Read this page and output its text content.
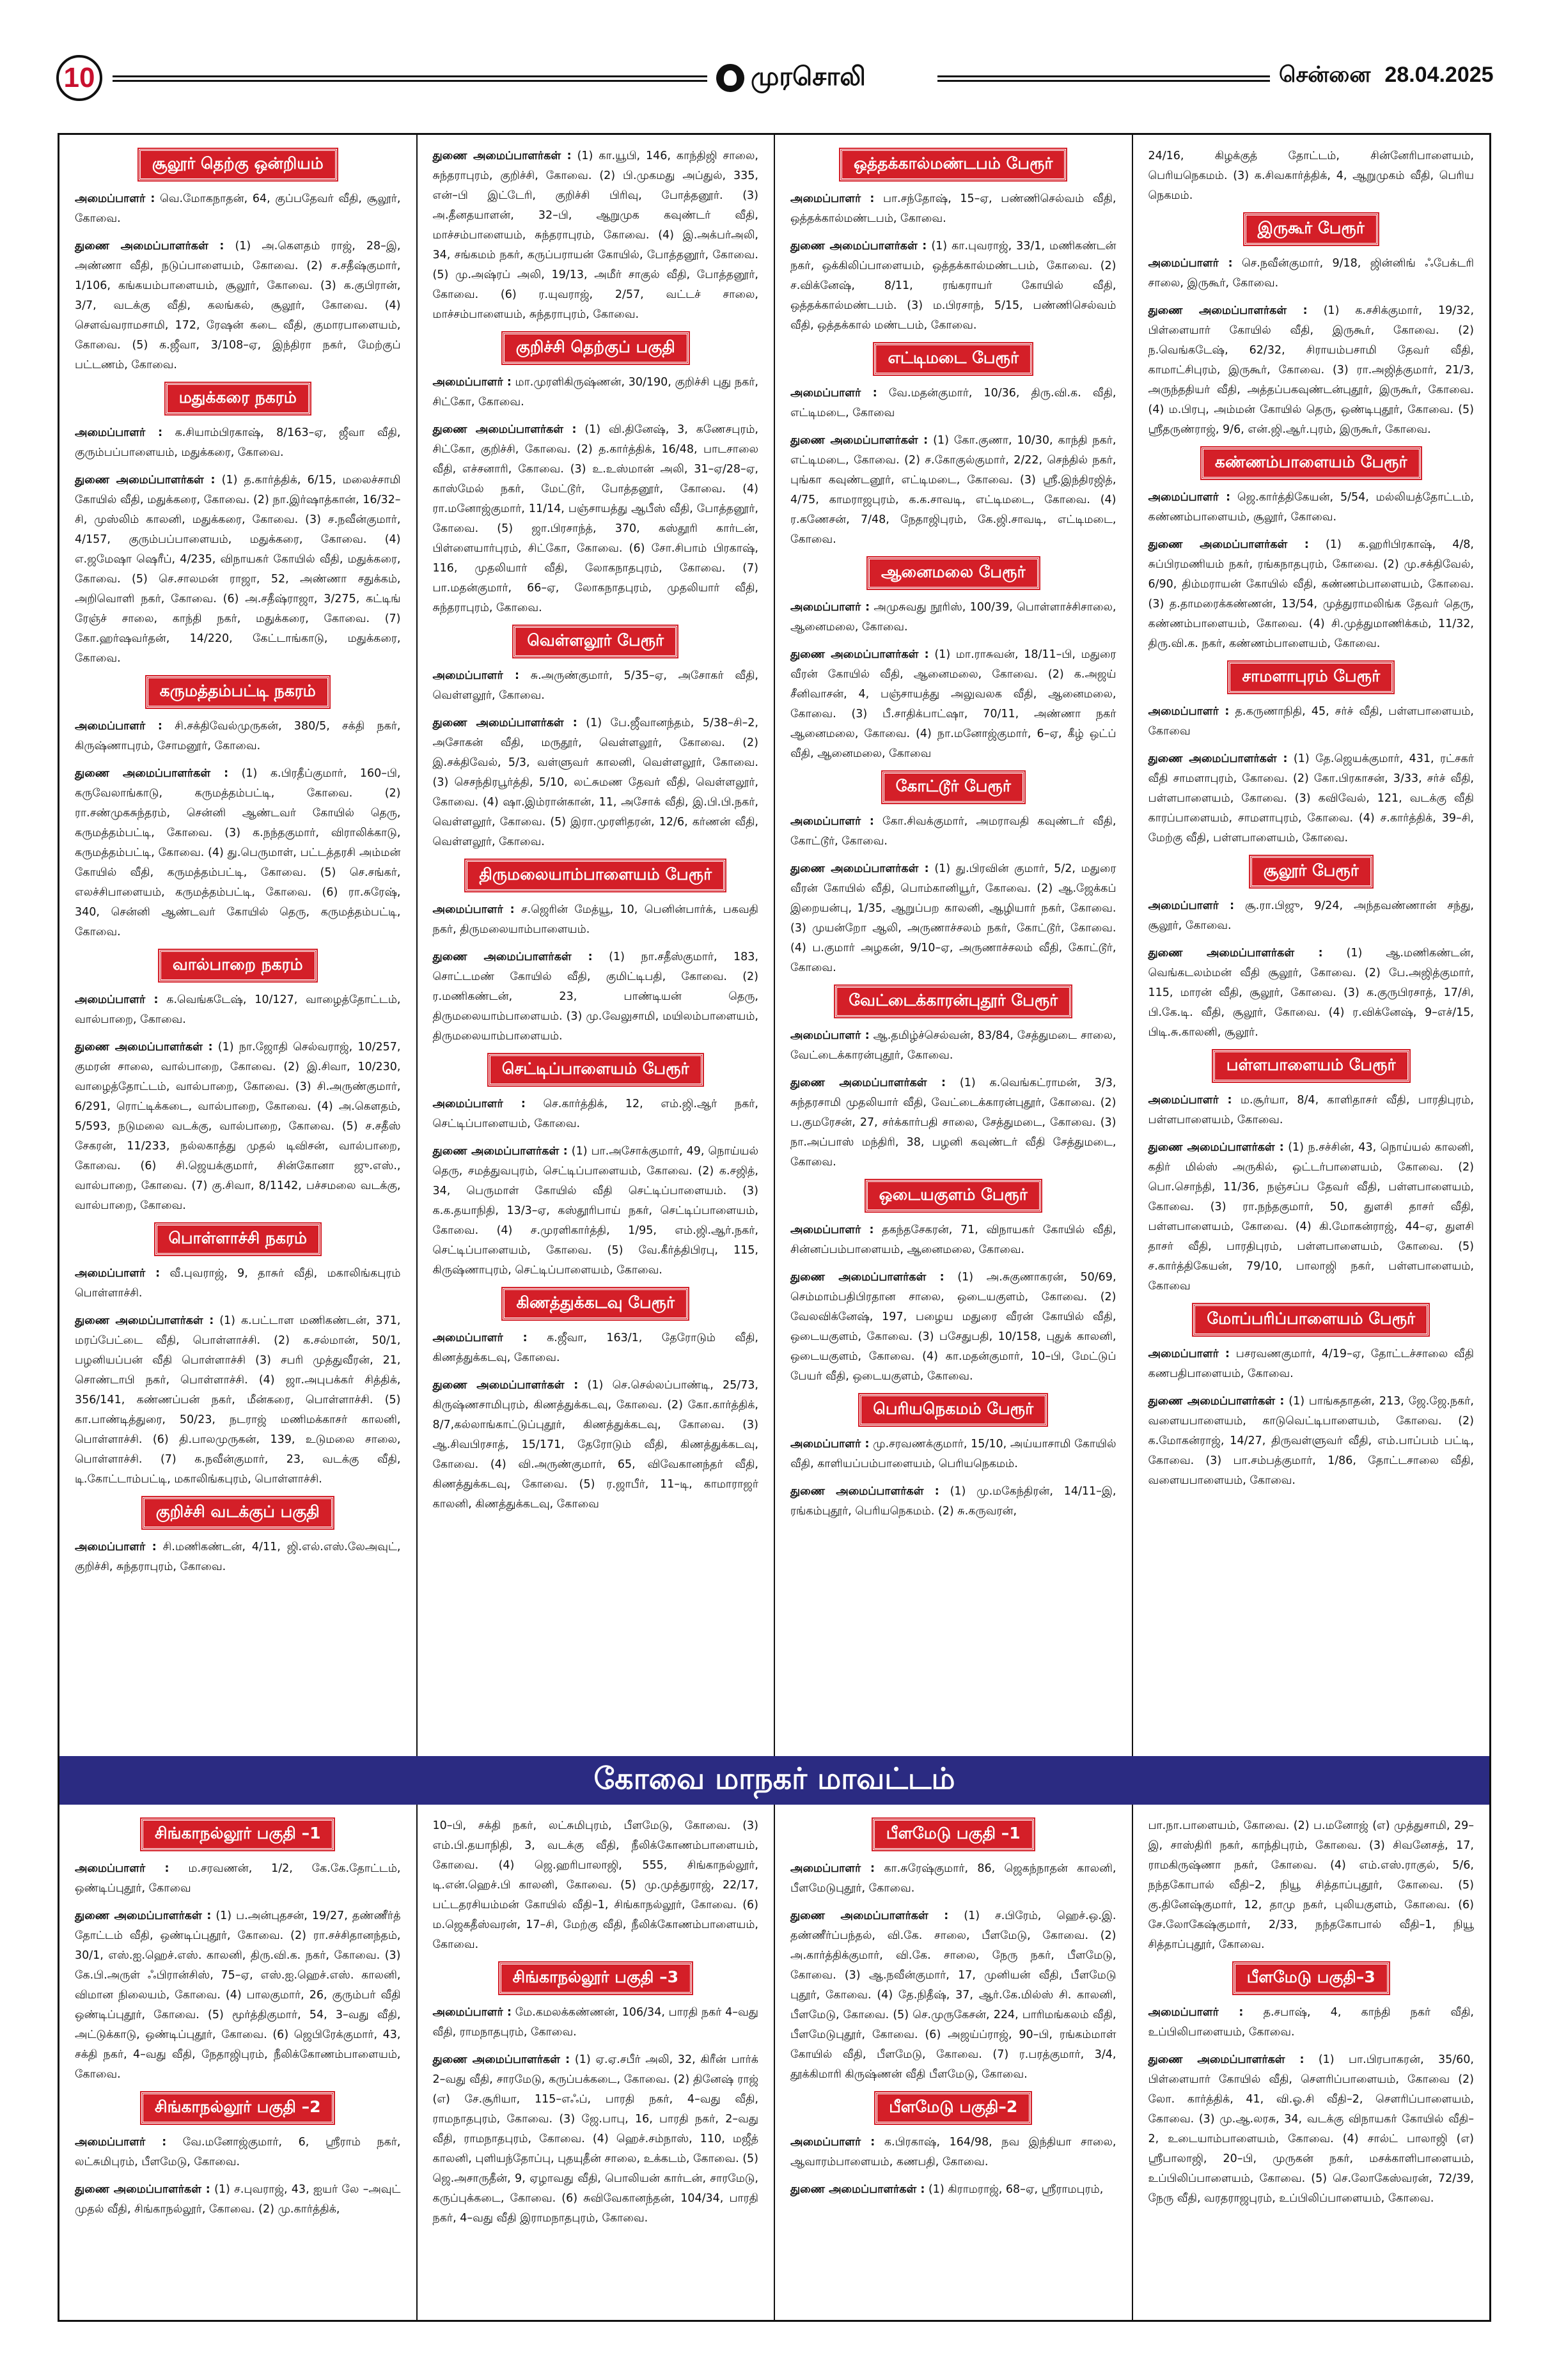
10	முரசொலி	சென்னை 28.04.2025
சூலூர் தெற்கு ஒன்றியம்

அமைப்பாளர் : வெ.மோகநாதன், 64, குப்பதேவர் வீதி, சூலூர், கோவை.

துணை அமைப்பாளர்கள் : (1) அ.கௌதம் ராஜ், 28–இ, அண்ணா வீதி, நடுப்பாளையம், கோவை. (2) ச.சதீஷ்குமார், 1/106, கங்கயம்பாளையம், சூலூர், கோவை. (3) க.குபிரான், 3/7, வடக்கு வீதி, கலங்கல், சூலூர், கோவை. (4) சௌவ்வராமசாமி, 172, ரேஷன் கடை வீதி, குமாரபாளையம், கோவை. (5) க.ஜீவா, 3/108–ஏ, இந்திரா நகர், மேற்குப் பட்டணம், கோவை.

மதுக்கரை நகரம்

அமைப்பாளர் : க.சியாம்பிரகாஷ், 8/163–ஏ, ஜீவா வீதி, குரும்பப்பாளையம், மதுக்கரை, கோவை.

துணை அமைப்பாளர்கள் : (1) த.கார்த்திக், 6/15, மலைச்சாமி கோயில் வீதி, மதுக்கரை, கோவை. (2) நா.இர்ஷாத்கான், 16/32–சி, முஸ்லிம் காலனி, மதுக்கரை, கோவை. (3) ச.நவீன்குமார், 4/157, குரும்பப்பாளையம், மதுக்கரை, கோவை. (4) எ.ஜமேஷா ஷெரீப், 4/235, விநாயகர் கோயில் வீதி, மதுக்கரை, கோவை. (5) செ.சாலமன் ராஜா, 52, அண்ணா சதுக்கம், அறிவொளி நகர், கோவை. (6) அ.சதீஷ்ராஜா, 3/275, கட்டிங் ரேஞ்ச் சாலை, காந்தி நகர், மதுக்கரை, கோவை. (7) கோ.ஹர்ஷவர்தன், 14/220, கேட்டாங்காடு, மதுக்கரை, கோவை.

கருமத்தம்பட்டி நகரம்

அமைப்பாளர் : சி.சக்திவேல்முருகன், 380/5, சக்தி நகர், கிருஷ்ணாபுரம், சோமனூர், கோவை.

துணை அமைப்பாளர்கள் : (1) க.பிரதீப்குமார், 160–பி, கருவேலாங்காடு, கருமத்தம்பட்டி, கோவை. (2) ரா.சண்முகசுந்தரம், சென்னி ஆண்டவர் கோயில் தெரு, கருமத்தம்பட்டி, கோவை. (3) க.நந்தகுமார், விராலிக்காடு, கருமத்தம்பட்டி, கோவை. (4) து.பெருமாள், பட்டத்தரசி அம்மன் கோயில் வீதி, கருமத்தம்பட்டி, கோவை. (5) செ.சங்கர், எலச்சிபாளையம், கருமத்தம்பட்டி, கோவை. (6) ரா.சுரேஷ், 340, சென்னி ஆண்டவர் கோயில் தெரு, கருமத்தம்பட்டி, கோவை.

வால்பாறை நகரம்

அமைப்பாளர் : க.வெங்கடேஷ், 10/127, வாழைத்தோட்டம், வால்பாறை, கோவை.

துணை அமைப்பாளர்கள் : (1) நா.ஜோதி செல்வராஜ், 10/257, குமரன் சாலை, வால்பாறை, கோவை. (2) இ.சிவா, 10/230, வாழைத்தோட்டம், வால்பாறை, கோவை. (3) சி.அருண்குமார், 6/291, ரொட்டிக்கடை, வால்பாறை, கோவை. (4) அ.கௌதம், 5/593, நடுமலை வடக்கு, வால்பாறை, கோவை. (5) ச.சதீஸ் சேகரன், 11/233, நல்லகாத்து முதல் டிவிசன், வால்பாறை, கோவை. (6) சி.ஜெயக்குமார், சின்கோனா ஜு.எஸ்., வால்பாறை, கோவை. (7) கு.சிவா, 8/1142, பச்சமலை வடக்கு, வால்பாறை, கோவை.

பொள்ளாச்சி நகரம்

அமைப்பாளர் : வீ.புவராஜ், 9, தாசுர் வீதி, மகாலிங்கபுரம் பொள்ளாச்சி.

துணை அமைப்பாளர்கள் : (1) க.பட்டாள மணிகண்டன், 371, மரப்பேட்டை வீதி, பொள்ளாச்சி. (2) க.சல்மான், 50/1, பழனியப்பன் வீதி பொள்ளாச்சி (3) சபரி முத்துவீரன், 21, சொண்டாபி நகர், பொள்ளாச்சி. (4) ஜா.அபுபக்கர் சித்திக், 356/141, கண்ணப்பன் நகர், மீன்கரை, பொள்ளாச்சி. (5) கா.பாண்டித்துரை, 50/23, நடராஜ் மணிமக்காசர் காலனி, பொள்ளாச்சி. (6) தி.பாலமுருகன், 139, உடுமலை சாலை, பொள்ளாச்சி. (7) க.நவீன்குமார், 23, வடக்கு வீதி, டி.கோட்டாம்பட்டி, மகாலிங்கபுரம், பொள்ளாச்சி.

குறிச்சி வடக்குப் பகுதி

அமைப்பாளர் : சி.மணிகண்டன், 4/11, ஜி.எல்.எஸ்.லேஅவுட், குறிச்சி, சுந்தராபுரம், கோவை.

துணை அமைப்பாளர்கள் : (1) கா.யூபி, 146, காந்திஜி சாலை, சுந்தராபுரம், குறிச்சி, கோவை. (2) பி.முகமது அப்துல், 335, என்–பி இட்டேரி, குறிச்சி பிரிவு, போத்தனூர். (3) அ.தீனதயாளன், 32–பி, ஆறுமுக கவுண்டர் வீதி, மாச்சம்பாளையம், சுந்தராபுரம், கோவை. (4) இ.அக்பர்அலி, 34, சங்கமம் நகர், கருப்பராயன் கோயில், போத்தனூர், கோவை. (5) மு.அஷ்ரப் அலி, 19/13, அமீர் சாகுல் வீதி, போத்தனூர், கோவை. (6) ர.யுவராஜ், 2/57, வட்டச் சாலை, மாச்சம்பாளையம், சுந்தராபுரம், கோவை.

குறிச்சி தெற்குப் பகுதி

அமைப்பாளர் : மா.முரளிகிருஷ்ணன், 30/190, குறிச்சி புது நகர், சிட்கோ, கோவை.

துணை அமைப்பாளர்கள் : (1) வி.தினேஷ், 3, கணேசபுரம், சிட்கோ, குறிச்சி, கோவை. (2) த.கார்த்திக், 16/48, பாடசாலை வீதி, எச்சனாரி, கோவை. (3) உ.உஸ்மான் அலி, 31–ஏ/28–ஏ, காஸ்மேல் நகர், மேட்டூர், போத்தனூர், கோவை. (4) ரா.மனோஜ்குமார், 11/14, பஞ்சாயத்து ஆபீஸ் வீதி, போத்தனூர், கோவை. (5) ஜா.பிரசாந்த், 370, கஸ்தூரி கார்டன், பிள்ளையார்புரம், சிட்கோ, கோவை. (6) சோ.சிபாம் பிரகாஷ், 116, முதலியார் வீதி, லோகநாதபுரம், கோவை. (7) பா.மதன்குமார், 66–ஏ, லோகநாதபுரம், முதலியார் வீதி, சுந்தராபுரம், கோவை.

வெள்ளலூர் பேரூர்

அமைப்பாளர் : சு.அருண்குமார், 5/35–ஏ, அசோகர் வீதி, வெள்ளலூர், கோவை.

துணை அமைப்பாளர்கள் : (1) பே.ஜீவானந்தம், 5/38–சி–2, அசோகன் வீதி, மருதூர், வெள்ளலூர், கோவை. (2) இ.சக்திவேல், 5/3, வள்ளுவர் காலனி, வெள்ளலூர், கோவை. (3) செசந்திரபூர்த்தி, 5/10, லட்சுமண தேவர் வீதி, வெள்ளலூர், கோவை. (4) ஷா.இம்ரான்கான், 11, அசோக் வீதி, இ.பி.பி.நகர், வெள்ளலூர், கோவை. (5) இரா.முரளிதரன், 12/6, கர்ணன் வீதி, வெள்ளலூர், கோவை.

திருமலையாம்பாளையம் பேரூர்

அமைப்பாளர் : ச.ஜெரின் மேத்யூ, 10, பெனின்பார்க், பகவதி நகர், திருமலையாம்பாளையம்.

துணை அமைப்பாளர்கள் : (1) நா.சதீஸ்குமார், 183, சொட்டமண் கோயில் வீதி, குமிட்டிபதி, கோவை. (2) ர.மணிகண்டன், 23, பாண்டியன் தெரு, திருமலையாம்பாளையம். (3) மு.வேலுசாமி, மயிலம்பாளையம், திருமலையாம்பாளையம்.

செட்டிப்பாளையம் பேரூர்

அமைப்பாளர் : செ.கார்த்திக், 12, எம்.ஜி.ஆர் நகர், செட்டிப்பாளையம், கோவை.

துணை அமைப்பாளர்கள் : (1) பா.அசோக்குமார், 49, நொய்யல் தெரு, சமத்துவபுரம், செட்டிப்பாளையம், கோவை. (2) க.சஜித், 34, பெருமாள் கோயில் வீதி செட்டிப்பாளையம். (3) க.க.தயாநிதி, 13/3–ஏ, கஸ்தூரிபாய் நகர், செட்டிப்பாளையம், கோவை. (4) ச.முரளிகார்த்தி, 1/95, எம்.ஜி.ஆர்.நகர், செட்டிப்பாளையம், கோவை. (5) வே.கீர்த்திபிரபு, 115, கிருஷ்ணாபுரம், செட்டிப்பாளையம், கோவை.

கிணத்துக்கடவு பேரூர்

அமைப்பாளர் : க.ஜீவா, 163/1, தேரோடும் வீதி, கிணத்துக்கடவு, கோவை.

துணை அமைப்பாளர்கள் : (1) செ.செல்லப்பாண்டி, 25/73, கிருஷ்ணசாமிபுரம், கிணத்துக்கடவு, கோவை. (2) கோ.கார்த்திக், 8/7,கல்லாங்காட்டுப்புதூர், கிணத்துக்கடவு, கோவை. (3) ஆ.சிவபிரசாத், 15/171, தேரோடும் வீதி, கிணத்துக்கடவு, கோவை. (4) வி.அருண்குமார், 65, விவேகானந்தர் வீதி, கிணத்துக்கடவு, கோவை. (5) ர.ஜாபீர், 11–டி, காமாராஜர் காலனி, கிணத்துக்கடவு, கோவை

ஒத்தக்கால்மண்டபம் பேரூர்

அமைப்பாளர் : பா.சந்தோஷ், 15–ஏ, பண்ணிசெல்வம் வீதி, ஒத்தக்கால்மண்டபம், கோவை.

துணை அமைப்பாளர்கள் : (1) கா.புவராஜ், 33/1, மணிகண்டன் நகர், ஒக்கிலிப்பாளையம், ஒத்தக்கால்மண்டபம், கோவை. (2) ச.விக்னேஷ், 8/11, ரங்கராயர் கோயில் வீதி, ஒத்தக்கால்மண்டபம். (3) ம.பிரசாந், 5/15, பண்ணிசெல்வம் வீதி, ஒத்தக்கால் மண்டபம், கோவை.

எட்டிமடை பேரூர்

அமைப்பாளர் : வே.மதன்குமார், 10/36, திரு.வி.க. வீதி, எட்டிமடை, கோவை

துணை அமைப்பாளர்கள் : (1) கோ.குணா, 10/30, காந்தி நகர், எட்டிமடை, கோவை. (2) ச.கோகுல்குமார், 2/22, செந்தில் நகர், புங்கா கவுண்டனூர், எட்டிமடை, கோவை. (3) ஸ்ரீ.இந்திரஜித், 4/75, காமராஜபுரம், க.க.சாவடி, எட்டிமடை, கோவை. (4) ர.கணேசன், 7/48, நேதாஜிபுரம், கே.ஜி.சாவடி, எட்டிமடை, கோவை.

ஆனைமலை பேரூர்

அமைப்பாளர் : அமுசுவது நூரிஸ், 100/39, பொள்ளாச்சிசாலை, ஆனைமலை, கோவை.

துணை அமைப்பாளர்கள் : (1) மா.ராசுவன், 18/11–பி, மதுரை வீரன் கோயில் வீதி, ஆனைமலை, கோவை. (2) க.அஜய் சீனிவாசன், 4, பஞ்சாயத்து அலுவலக வீதி, ஆனைமலை, கோவை. (3) பீ.சாதிக்பாட்ஷா, 70/11, அண்ணா நகர் ஆனைமலை, கோவை. (4) நா.மனோஜ்குமார், 6–ஏ, கீழ் ஒட்ப் வீதி, ஆனைமலை, கோவை

கோட்டூர் பேரூர்

அமைப்பாளர் : கோ.சிவக்குமார், அமராவதி கவுண்டர் வீதி, கோட்டூர், கோவை.

துணை அமைப்பாளர்கள் : (1) து.பிரவின் குமார், 5/2, மதுரை வீரன் கோயில் வீதி, பொம்கானியூர், கோவை. (2) ஆ.ஜேக்கப் இறையன்பு, 1/35, ஆறுப்பற காலனி, ஆழியார் நகர், கோவை. (3) முயன்றோ ஆலி, அருணாச்சலம் நகர், கோட்டூர், கோவை. (4) ப.குமார் அழகன், 9/10–ஏ, அருணாச்சலம் வீதி, கோட்டூர், கோவை.

வேட்டைக்காரன்புதூர் பேரூர்

அமைப்பாளர் : ஆ.தமிழ்ச்செல்வன், 83/84, சேத்துமடை சாலை, வேட்டைக்காரன்புதூர், கோவை.

துணை அமைப்பாளர்கள் : (1) க.வெங்கட்ராமன், 3/3, சுந்தரசாமி முதலியார் வீதி, வேட்டைக்காரன்புதூர், கோவை. (2) ப.குமரேசன், 27, சர்க்கார்பதி சாலை, சேத்துமடை, கோவை. (3) நா.அப்பாஸ் மந்திரி, 38, பழனி கவுண்டர் வீதி சேத்துமடை, கோவை.

ஒடையகுளம் பேரூர்

அமைப்பாளர் : தகந்தசேகரன், 71, விநாயகர் கோயில் வீதி, சின்னப்பம்பாளையம், ஆனைமலை, கோவை.

துணை அமைப்பாளர்கள் : (1) அ.சுகுணாகரன், 50/69, செம்மாம்பதிபிரதான சாலை, ஒடையகுளம், கோவை. (2) வேலவிக்னேஷ், 197, பழைய மதுரை வீரன் கோயில் வீதி, ஒடையகுளம், கோவை. (3) பசேதுபதி, 10/158, புதுக் காலனி, ஒடையகுளம், கோவை. (4) கா.மதன்குமார், 10–பி, மேட்டுப் பேயர் வீதி, ஒடையகுளம், கோவை.

பெரியநெகமம் பேரூர்

அமைப்பாளர் : மு.சரவணக்குமார், 15/10, அய்யாசாமி கோயில் வீதி, காளியப்பம்பாளையம், பெரியநெகமம்.

துணை அமைப்பாளர்கள் : (1) மு.மகேந்திரன், 14/11–இ, ரங்கம்புதூர், பெரியநெகமம். (2) சு.கருவரன்,

24/16, கிழக்குத் தோட்டம், சின்னேரிபாளையம், பெரியநெகமம். (3) க.சிவகார்த்திக், 4, ஆறுமுகம் வீதி, பெரிய நெகமம்.

இருகூர் பேரூர்

அமைப்பாளர் : செ.நவீன்குமார், 9/18, ஜின்னிங் ஃபேக்டரி சாலை, இருகூர், கோவை.

துணை அமைப்பாளர்கள் : (1) க.சசிக்குமார், 19/32, பிள்ளையார் கோயில் வீதி, இருகூர், கோவை. (2) ந.வெங்கடேஷ், 62/32, சிராயம்பசாமி தேவர் வீதி, காமாட்சிபுரம், இருகூர், கோவை. (3) ரா.அஜித்குமார், 21/3, அருந்ததியர் வீதி, அத்தப்பகவுண்டன்புதூர், இருகூர், கோவை. (4) ம.பிரபு, அம்மன் கோயில் தெரு, ஒண்டிபுதூர், கோவை. (5) ஸ்ரீதருண்ராஜ், 9/6, என்.ஜி.ஆர்.புரம், இருகூர், கோவை.

கண்ணம்பாளையம் பேரூர்

அமைப்பாளர் : ஜெ.கார்த்திகேயன், 5/54, மல்லியத்தோட்டம், கண்ணம்பாளையம், சூலூர், கோவை.

துணை அமைப்பாளர்கள் : (1) க.ஹரிபிரகாஷ், 4/8, சுப்பிரமணியம் நகர், ரங்கநாதபுரம், கோவை. (2) மு.சக்திவேல், 6/90, திம்மராயன் கோயில் வீதி, கண்ணம்பாளையம், கோவை. (3) த.தாமரைக்கண்ணன், 13/54, முத்துராமலிங்க தேவர் தெரு, கண்ணம்பாளையம், கோவை. (4) சி.முத்துமாணிக்கம், 11/32, திரு.வி.க. நகர், கண்ணம்பாளையம், கோவை.

சாமளாபுரம் பேரூர்

அமைப்பாளர் : த.கருணாநிதி, 45, சர்ச் வீதி, பள்ளபாளையம், கோவை

துணை அமைப்பாளர்கள் : (1) தே.ஜெயக்குமார், 431, ரட்சகர் வீதி சாமளாபுரம், கோவை. (2) கோ.பிரகாசன், 3/33, சர்ச் வீதி, பள்ளபாளையம், கோவை. (3) கவிவேல், 121, வடக்கு வீதி காரப்பாளையம், சாமளாபுரம், கோவை. (4) ச.கார்த்திக், 39–சி, மேற்கு வீதி, பள்ளபாளையம், கோவை.

சூலூர் பேரூர்

அமைப்பாளர் : சூ.ரா.பிஜு, 9/24, அந்தவண்ணான் சந்து, சூலூர், கோவை.

துணை அமைப்பாளர்கள் : (1) ஆ.மணிகண்டன், வெங்கடலம்மன் வீதி சூலூர், கோவை. (2) பே.அஜித்குமார், 115, மாரன் வீதி, சூலூர், கோவை. (3) க.குருபிரசாத், 17/சி, பி.கே.டி. வீதி, சூலூர், கோவை. (4) ர.விக்னேஷ், 9–எச்/15, பிடி.சு.காலனி, சூலூர்.

பள்ளபாளையம் பேரூர்

அமைப்பாளர் : ம.சூர்யா, 8/4, காளிதாசர் வீதி, பாரதிபுரம், பள்ளபாளையம், கோவை.

துணை அமைப்பாளர்கள் : (1) ந.சச்சின், 43, நொய்யல் காலனி, கதிர் மில்ஸ் அருகில், ஒட்டர்பாளையம், கோவை. (2) பொ.சொந்தி, 11/36, நஞ்சப்ப தேவர் வீதி, பள்ளபாளையம், கோவை. (3) ரா.நந்தகுமார், 50, துளசி தாசர் வீதி, பள்ளபாளையம், கோவை. (4) கி.மோகன்ராஜ், 44–ஏ, துளசி தாசர் வீதி, பாரதிபுரம், பள்ளபாளையம், கோவை. (5) ச.கார்த்திகேயன், 79/10, பாலாஜி நகர், பள்ளபாளையம், கோவை

மோப்பரிப்பாளையம் பேரூர்

அமைப்பாளர் : பசரவணகுமார், 4/19–ஏ, தோட்டச்சாலை வீதி கணபதிபாளையம், கோவை.

துணை அமைப்பாளர்கள் : (1) பாங்கதாதன், 213, ஜே.ஜே.நகர், வளையபாளையம், காடுவெட்டிபாளையம், கோவை. (2) க.மோகன்ராஜ், 14/27, திருவள்ளுவர் வீதி, எம்.பாப்பம் பட்டி, கோவை. (3) பா.சம்பத்குமார், 1/86, தோட்டசாலை வீதி, வளையபாளையம், கோவை.

கோவை மாநகர் மாவட்டம்
சிங்காநல்லூர் பகுதி –1

அமைப்பாளர் : ம.சரவணன், 1/2, கே.கே.தோட்டம், ஒண்டிப்புதூர், கோவை

துணை அமைப்பாளர்கள் : (1) ப.அன்புதசன், 19/27, தண்ணீர்த் தோட்டம் வீதி, ஒண்டிப்புதூர், கோவை. (2) ரா.சச்சிதானந்தம், 30/1, எஸ்.ஐ.ஹெச்.எஸ். காலனி, திரு.வி.க. நகர், கோவை. (3) கே.பி.அருள் ஃபிரான்சிஸ், 75–ஏ, எஸ்.ஐ.ஹெச்.எஸ். காலனி, விமான நிலையம், கோவை. (4) பாலகுமார், 26, குரும்பர் வீதி ஒண்டிப்புதூர், கோவை. (5) மூர்த்திகுமார், 54, 3–வது வீதி, அட்டுக்காடு, ஒண்டிப்புதூர், கோவை. (6) ஜெபிரேக்குமார், 43, சக்தி நகர், 4–வது வீதி, நேதாஜிபுரம், நீலிக்கோணம்பாளையம், கோவை.

சிங்காநல்லூர் பகுதி –2

அமைப்பாளர் : வே.மனோஜ்குமார், 6, ஸ்ரீராம் நகர், லட்சுமிபுரம், பீளமேடு, கோவை.

துணை அமைப்பாளர்கள் : (1) ச.புவராஜ், 43, ஐயர் லே –அவுட் முதல் வீதி, சிங்காநல்லூர், கோவை. (2) மு.கார்த்திக்,

10–பி, சக்தி நகர், லட்சுமிபுரம், பீளமேடு, கோவை. (3) எம்.பி.தயாநிதி, 3, வடக்கு வீதி, நீலிக்கோணம்பாளையம், கோவை. (4) ஜெ.ஹரிபாலாஜி, 555, சிங்காநல்லூர், டி.என்.ஹெச்.பி காலனி, கோவை. (5) மு.முத்துராஜ், 22/17, பட்டதரசியம்மன் கோயில் வீதி–1, சிங்காநல்லூர், கோவை. (6) ம.ஜெகதீஸ்வரன், 17–சி, மேற்கு வீதி, நீலிக்கோணம்பாளையம், கோவை.

சிங்காநல்லூர் பகுதி –3

அமைப்பாளர் : மே.கமலக்கண்ணன், 106/34, பாரதி நகர் 4–வது வீதி, ராமநாதபுரம், கோவை.

துணை அமைப்பாளர்கள் : (1) ஏ.ஏ.சபீர் அலி, 32, கிரீன் பார்க் 2–வது வீதி, சாரமேடு, கருப்பக்கடை, கோவை. (2) தினேஷ் ராஜ் (எ) சே.சூரியா, 115–எஃப், பாரதி நகர், 4–வது வீதி, ராமநாதபுரம், கோவை. (3) ஜே.பாபு, 16, பாரதி நகர், 2–வது வீதி, ராமநாதபுரம், கோவை. (4) ஹெச்.சம்நாஸ், 110, மஜீத் காலனி, புளியந்தோப்பு, புதயுதீன் சாலை, உக்கடம், கோவை. (5) ஜெ.அசாருதீன், 9, ஏழாவது வீதி, பொலியன் கார்டன், சாரமேடு, கருப்புக்கடை, கோவை. (6) சுவிவேகானந்தன், 104/34, பாரதி நகர், 4–வது வீதி இராமநாதபுரம், கோவை.

பீளமேடு பகுதி –1

அமைப்பாளர் : கா.சுரேஷ்குமார், 86, ஜெகந்நாதன் காலனி, பீளமேடுபுதூர், கோவை.

துணை அமைப்பாளர்கள் : (1) ச.பிரேம், ஹெச்.ஒ.இ. தண்ணீர்ப்பந்தல், வி.கே. சாலை, பீளமேடு, கோவை. (2) அ.கார்த்திக்குமார், வி.கே. சாலை, நேரு நகர், பீளமேடு, கோவை. (3) ஆ.நவீன்குமார், 17, முனியன் வீதி, பீளமேடு புதூர், கோவை. (4) தே.நிதீஷ், 37, ஆர்.கே.மில்ஸ் சி. காலனி, பீளமேடு, கோவை. (5) செ.முருகேசன், 224, பாரிமங்கலம் வீதி, பீளமேடுபுதூர், கோவை. (6) அஜய்ப்ராஜ், 90–பி, ரங்கம்மாள் கோயில் வீதி, பீளமேடு, கோவை. (7) ர.பரத்குமார், 3/4, தூக்கிமாரி கிருஷ்ணன் வீதி பீளமேடு, கோவை.

பீளமேடு பகுதி–2

அமைப்பாளர் : க.பிரகாஷ், 164/98, நவ இந்தியா சாலை, ஆவாரம்பாளையம், கணபதி, கோவை.

துணை அமைப்பாளர்கள் : (1) கிராமராஜ், 68–ஏ, ஸ்ரீராமபுரம்,

பா.நா.பாளையம், கோவை. (2) ப.மனோஜ் (எ) முத்துசாமி, 29–இ, சாஸ்திரி நகர், காந்திபுரம், கோவை. (3) சிவனேசத், 17, ராமகிருஷ்ணா நகர், கோவை. (4) எம்.எஸ்.ராகுல், 5/6, நந்தகோபால் வீதி–2, நியூ சித்தாப்புதூர், கோவை. (5) கு.தினேஷ்குமார், 12, தாமு நகர், புலியகுளம், கோவை. (6) சே.லோகேஷ்குமார், 2/33, நந்தகோபால் வீதி–1, நியூ சித்தாப்புதூர், கோவை.

பீளமேடு பகுதி–3

அமைப்பாளர் : த.சபாஷ், 4, காந்தி நகர் வீதி, உப்பிலிபாளையம், கோவை.

துணை அமைப்பாளர்கள் : (1) பா.பிரபாகரன், 35/60, பிள்ளையார் கோயில் வீதி, சௌரிப்பாளையம், கோவை (2) லோ. கார்த்திக், 41, வி.ஓ.சி வீதி–2, சௌரிப்பாளையம், கோவை. (3) மு.ஆ.லரசு, 34, வடக்கு விநாயகர் கோயில் வீதி–2, உடையாம்பாளையம், கோவை. (4) சால்ட் பாலாஜி (எ) ஸ்ரீபாலாஜி, 20–பி, முருகன் நகர், மசக்காளிபாளையம், உப்பிலிப்பாளையம், கோவை. (5) செ.லோகேஸ்வரன், 72/39, நேரு வீதி, வரதராஜபுரம், உப்பிலிப்பாளையம், கோவை.
